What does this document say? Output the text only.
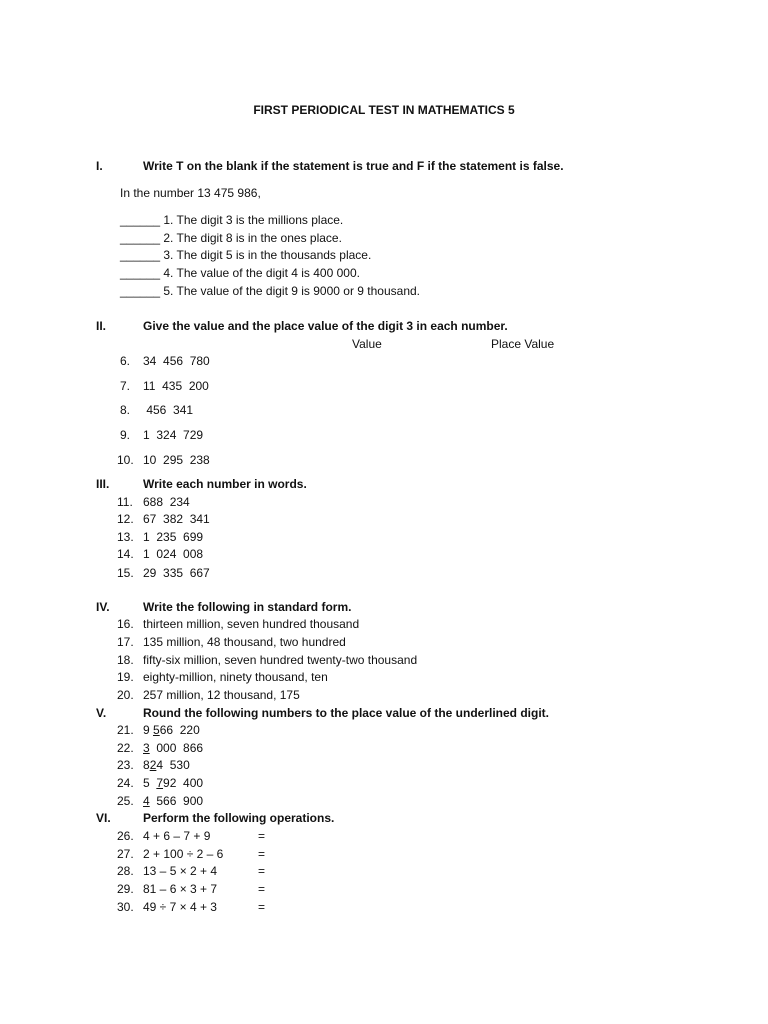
FIRST PERIODICAL TEST IN MATHEMATICS 5
I.	Write T on the blank if the statement is true and F if the statement is false.
In the number 13 475 986,
______ 1. The digit 3 is the millions place.
______ 2. The digit 8 is in the ones place.
______ 3. The digit 5 is in the thousands place.
______ 4. The value of the digit 4 is 400 000.
______ 5. The value of the digit 9 is 9000 or 9 thousand.
II.	Give the value and the place value of the digit 3 in each number.
Value	Place Value
6. 34  456  780
7. 11  435  200
8. 456  341
9. 1  324  729
10. 10  295  238
III.	Write each number in words.
11. 688  234
12. 67  382  341
13. 1  235  699
14. 1  024  008
15. 29  335  667
IV.	Write the following in standard form.
16. thirteen million, seven hundred thousand
17. 135 million, 48 thousand, two hundred
18. fifty-six million, seven hundred twenty-two thousand
19. eighty-million, ninety thousand, ten
20. 257 million, 12 thousand, 175
V.	Round the following numbers to the place value of the underlined digit.
21. 9 566  220
22. 3  000  866
23. 824  530
24. 5  792  400
25. 4  566  900
VI.	Perform the following operations.
26. 4 + 6 – 7 + 9	=
27. 2 + 100 ÷ 2 – 6	=
28. 13 – 5 × 2 + 4	=
29. 81 – 6 × 3 + 7	=
30. 49 ÷ 7 × 4 + 3	=
